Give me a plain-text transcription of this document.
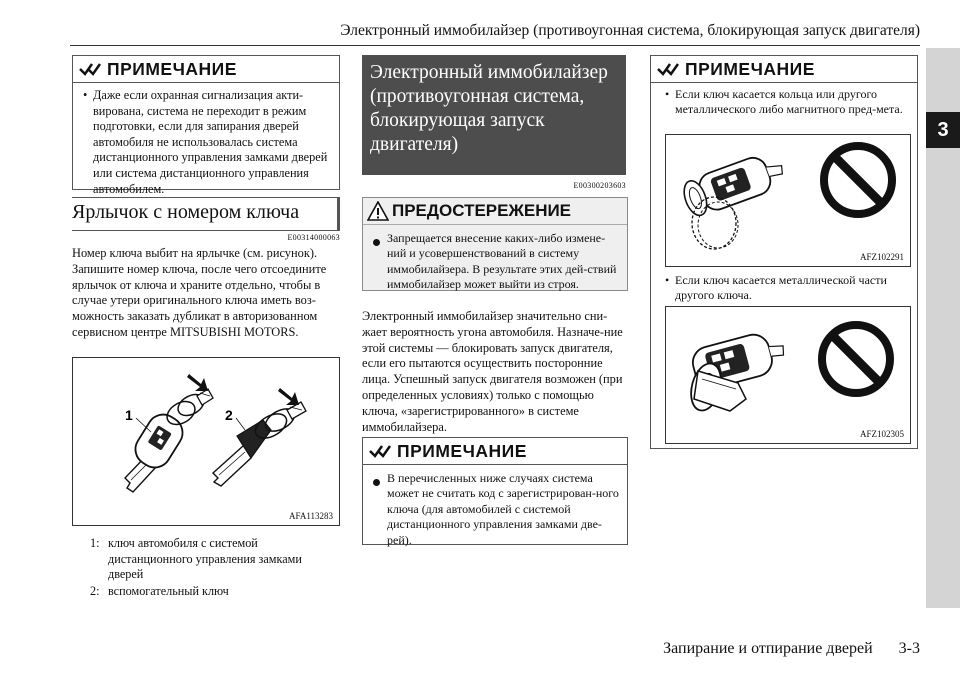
Электронный иммобилайзер (противоугонная система, блокирующая запуск двигателя)
3
ПРИМЕЧАНИЕ
• Даже если охранная сигнализация акти-вирована, система не переходит в режим подготовки, если для запирания дверей автомобиля не использовалась система дистанционного управления замками дверей или система дистанционного управления автомобилем.
Ярлычок с номером ключа
E00314000063
Номер ключа выбит на ярлычке (см. рисунок). Запишите номер ключа, после чего отсоедините ярлычок от ключа и храните отдельно, чтобы в случае утери оригинального ключа иметь воз-можность заказать дубликат в авторизованном сервисном центре MITSUBISHI MOTORS.
1	2
AFA113283
1: ключ автомобиля с системой дистанционного управления замками дверей
2: вспомогательный ключ
Электронный иммобилайзер (противоугонная система, блокирующая запуск двигателя)
E00300203603
ПРЕДОСТЕРЕЖЕНИЕ
Запрещается внесение каких-либо измене-ний и усовершенствований в систему иммобилайзера. В результате этих дей-ствий иммобилайзер может выйти из строя.
Электронный иммобилайзер значительно сни-жает вероятность угона автомобиля. Назначе-ние этой системы — блокировать запуск двигателя, если его пытаются осуществить посторонние лица. Успешный запуск двигателя возможен (при определенных условиях) только с помощью ключа, «зарегистрированного» в системе иммобилайзера.
ПРИМЕЧАНИЕ
В перечисленных ниже случаях система может не считать код с зарегистрирован-ного ключа (для автомобилей с системой дистанционного управления замками две-рей).
ПРИМЕЧАНИЕ
• Если ключ касается кольца или другого металлического либо магнитного пред-мета.
AFZ102291
• Если ключ касается металлической части другого ключа.
AFZ102305
Запирание и отпирание дверей 3-3
